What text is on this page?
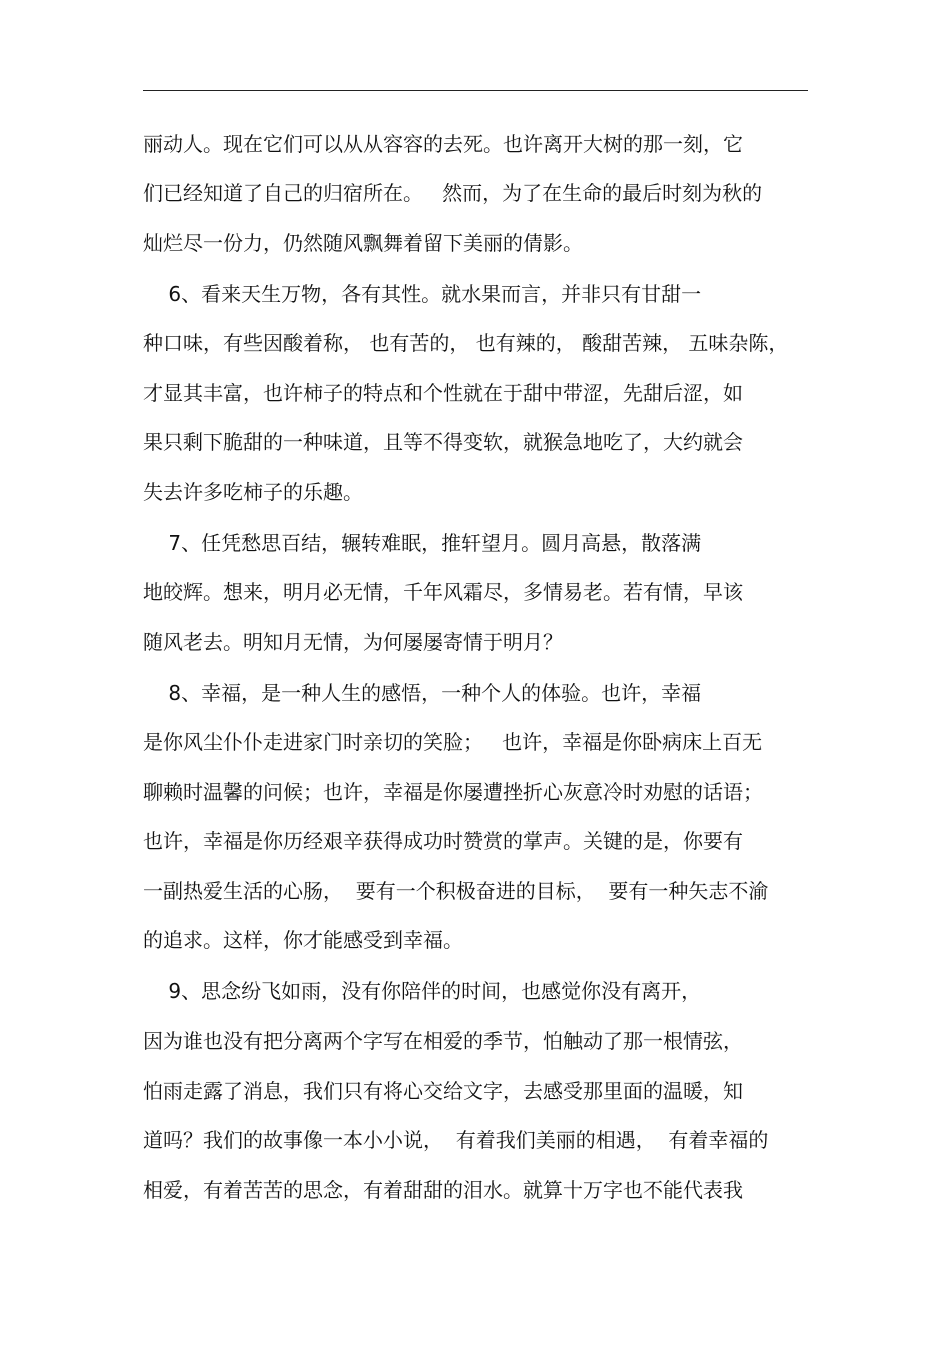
丽动人。现在它们可以从从容容的去死。也许离开大树的那一刻，它
们已经知道了自己的归宿所在。   然而，为了在生命的最后时刻为秋的
灿烂尽一份力，仍然随风飘舞着留下美丽的倩影。
6、看来天生万物，各有其性。就水果而言，并非只有甘甜一
种口味，有些因酸着称， 也有苦的， 也有辣的， 酸甜苦辣， 五味杂陈，
才显其丰富，也许柿子的特点和个性就在于甜中带涩，先甜后涩，如
果只剩下脆甜的一种味道，且等不得变软，就猴急地吃了，大约就会
失去许多吃柿子的乐趣。
7、任凭愁思百结，辗转难眠，推轩望月。圆月高悬，散落满
地皎辉。想来，明月必无情，千年风霜尽，多情易老。若有情，早该
随风老去。明知月无情，为何屡屡寄情于明月？
8、幸福，是一种人生的感悟，一种个人的体验。也许，幸福
是你风尘仆仆走进家门时亲切的笑脸；   也许，幸福是你卧病床上百无
聊赖时温馨的问候；也许，幸福是你屡遭挫折心灰意冷时劝慰的话语；
也许，幸福是你历经艰辛获得成功时赞赏的掌声。关键的是，你要有
一副热爱生活的心肠，  要有一个积极奋进的目标，  要有一种矢志不渝
的追求。这样，你才能感受到幸福。
9、思念纷飞如雨，没有你陪伴的时间，也感觉你没有离开，
因为谁也没有把分离两个字写在相爱的季节，怕触动了那一根情弦，
怕雨走露了消息，我们只有将心交给文字，去感受那里面的温暖，知
道吗？我们的故事像一本小小说，  有着我们美丽的相遇，  有着幸福的
相爱，有着苦苦的思念，有着甜甜的泪水。就算十万字也不能代表我
